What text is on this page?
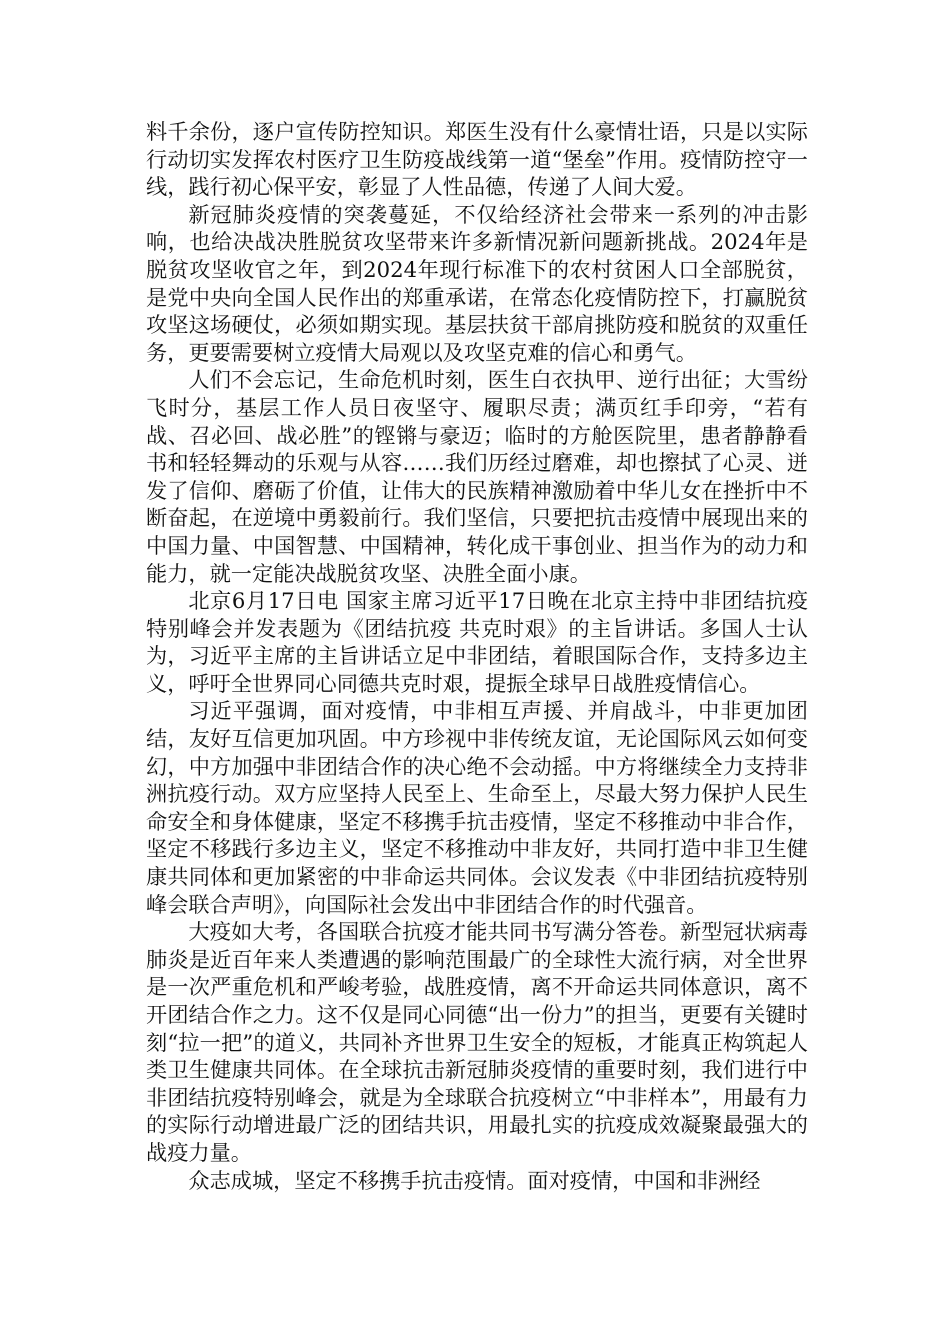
料千余份，逐户宣传防控知识。郑医生没有什么豪情壮语，只是以实际行动切实发挥农村医疗卫生防疫战线第一道“堡垒”作用。疫情防控守一线，践行初心保平安，彰显了人性品德，传递了人间大爱。

新冠肺炎疫情的突袭蔓延，不仅给经济社会带来一系列的冲击影响，也给决战决胜脱贫攻坚带来许多新情况新问题新挑战。2024年是脱贫攻坚收官之年，到2024年现行标准下的农村贫困人口全部脱贫，是党中央向全国人民作出的郑重承诺，在常态化疫情防控下，打赢脱贫攻坚这场硬仗，必须如期实现。基层扶贫干部肩挑防疫和脱贫的双重任务，更要需要树立疫情大局观以及攻坚克难的信心和勇气。

人们不会忘记，生命危机时刻，医生白衣执甲、逆行出征；大雪纷飞时分，基层工作人员日夜坚守、履职尽责；满页红手印旁，“若有战、召必回、战必胜”的铿锵与豪迈；临时的方舱医院里，患者静静看书和轻轻舞动的乐观与从容……我们历经过磨难，却也擦拭了心灵、迸发了信仰、磨砺了价值，让伟大的民族精神激励着中华儿女在挫折中不断奋起，在逆境中勇毅前行。我们坚信，只要把抗击疫情中展现出来的中国力量、中国智慧、中国精神，转化成干事创业、担当作为的动力和能力，就一定能决战脱贫攻坚、决胜全面小康。

北京6月17日电 国家主席习近平17日晚在北京主持中非团结抗疫特别峰会并发表题为《团结抗疫 共克时艰》的主旨讲话。多国人士认为，习近平主席的主旨讲话立足中非团结，着眼国际合作，支持多边主义，呼吁全世界同心同德共克时艰，提振全球早日战胜疫情信心。

习近平强调，面对疫情，中非相互声援、并肩战斗，中非更加团结，友好互信更加巩固。中方珍视中非传统友谊，无论国际风云如何变幻，中方加强中非团结合作的决心绝不会动摇。中方将继续全力支持非洲抗疫行动。双方应坚持人民至上、生命至上，尽最大努力保护人民生命安全和身体健康，坚定不移携手抗击疫情，坚定不移推动中非合作，坚定不移践行多边主义，坚定不移推动中非友好，共同打造中非卫生健康共同体和更加紧密的中非命运共同体。会议发表《中非团结抗疫特别峰会联合声明》，向国际社会发出中非团结合作的时代强音。

大疫如大考，各国联合抗疫才能共同书写满分答卷。新型冠状病毒肺炎是近百年来人类遭遇的影响范围最广的全球性大流行病，对全世界是一次严重危机和严峻考验，战胜疫情，离不开命运共同体意识，离不开团结合作之力。这不仅是同心同德“出一份力”的担当，更要有关键时刻“拉一把”的道义，共同补齐世界卫生安全的短板，才能真正构筑起人类卫生健康共同体。在全球抗击新冠肺炎疫情的重要时刻，我们进行中非团结抗疫特别峰会，就是为全球联合抗疫树立“中非样本”，用最有力的实际行动增进最广泛的团结共识，用最扎实的抗疫成效凝聚最强大的战疫力量。

众志成城，坚定不移携手抗击疫情。面对疫情，中国和非洲经
